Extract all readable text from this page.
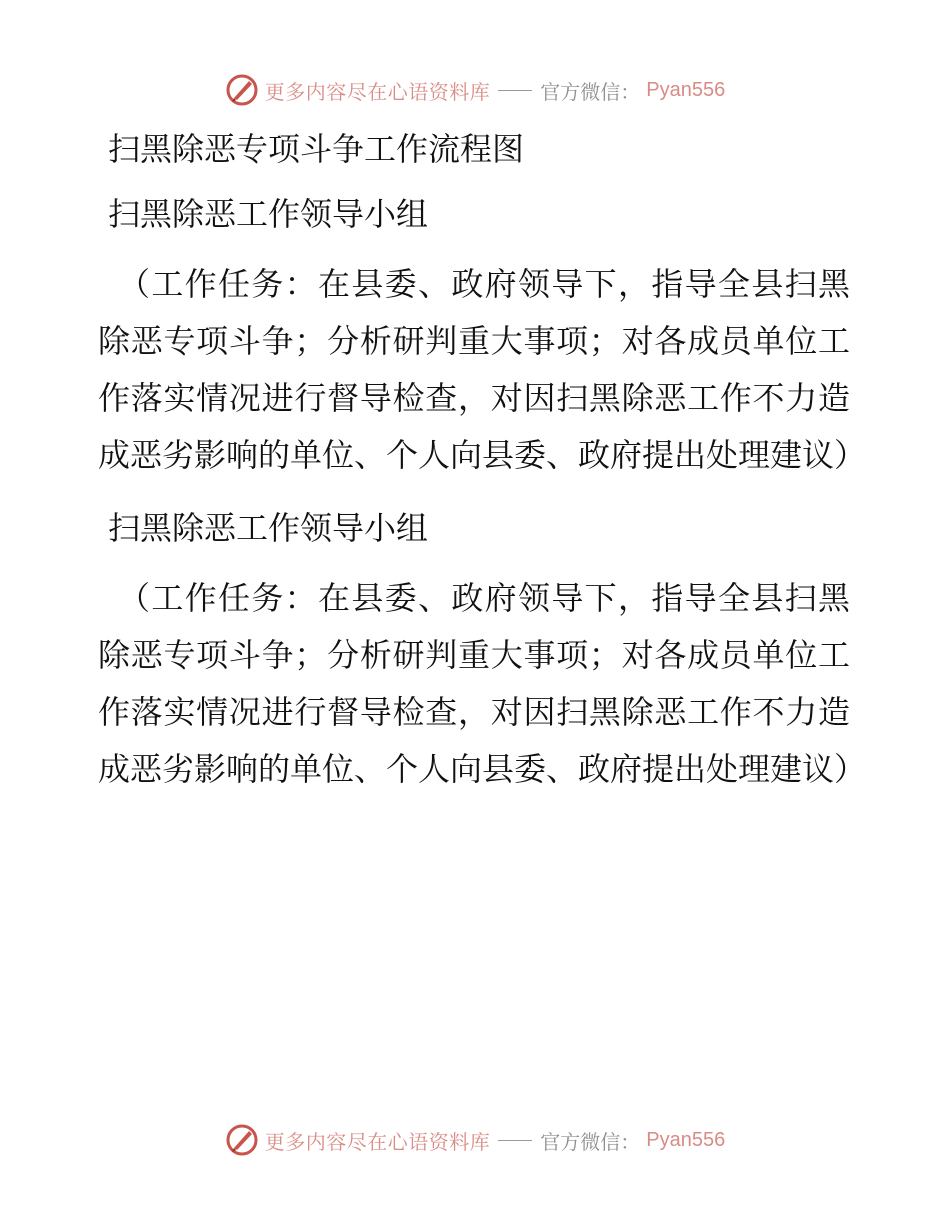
更多内容尽在心语资料库	官方微信： Pyan556
扫黑除恶专项斗争工作流程图
扫黑除恶工作领导小组

（工作任务：在县委、政府领导下，指导全县扫黑除恶专项斗争；分析研判重大事项；对各成员单位工作落实情况进行督导检查，对因扫黑除恶工作不力造成恶劣影响的单位、个人向县委、政府提出处理建议）

扫黑除恶工作领导小组

（工作任务：在县委、政府领导下，指导全县扫黑除恶专项斗争；分析研判重大事项；对各成员单位工作落实情况进行督导检查，对因扫黑除恶工作不力造成恶劣影响的单位、个人向县委、政府提出处理建议）

更多内容尽在心语资料库	官方微信： Pyan556
